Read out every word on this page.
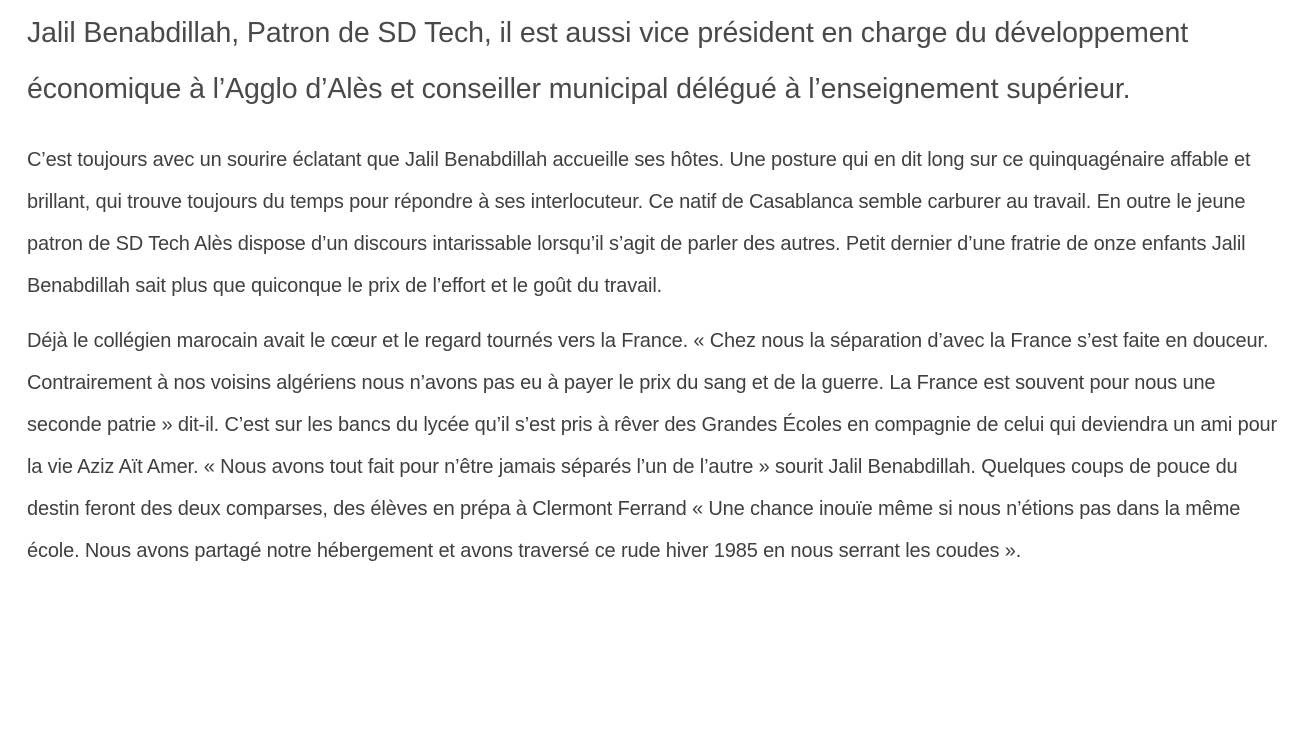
Jalil Benabdillah, Patron de SD Tech, il est aussi vice président en charge du développement économique à l’Agglo d’Alès et conseiller municipal délégué à l’enseignement supérieur.

C’est toujours avec un sourire éclatant que Jalil Benabdillah accueille ses hôtes. Une posture qui en dit long sur ce quinquagénaire affable et brillant, qui trouve toujours du temps pour répondre à ses interlocuteur. Ce natif de Casablanca semble carburer au travail. En outre le jeune patron de SD Tech Alès dispose d’un discours intarissable lorsqu’il s’agit de parler des autres. Petit dernier d’une fratrie de onze enfants Jalil Benabdillah sait plus que quiconque le prix de l’effort et le goût du travail.

Déjà le collégien marocain avait le cœur et le regard tournés vers la France. « Chez nous la séparation d’avec la France s’est faite en douceur. Contrairement à nos voisins algériens nous n’avons pas eu à payer le prix du sang et de la guerre. La France est souvent pour nous une seconde patrie » dit-il. C’est sur les bancs du lycée qu’il s’est pris à rêver des Grandes Écoles en compagnie de celui qui deviendra un ami pour la vie Aziz Aït Amer. « Nous avons tout fait pour n’être jamais séparés l’un de l’autre » sourit Jalil Benabdillah. Quelques coups de pouce du destin feront des deux comparses, des élèves en prépa à Clermont Ferrand « Une chance inouïe même si nous n’étions pas dans la même école. Nous avons partagé notre hébergement et avons traversé ce rude hiver 1985 en nous serrant les coudes ».
